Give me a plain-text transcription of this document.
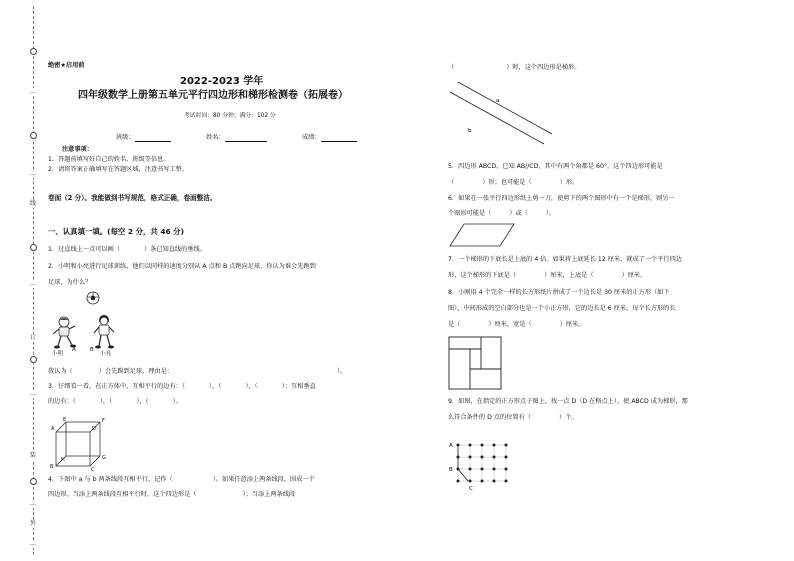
…
…
线
…
订
…
装
…
外
…
绝密★启用前
2022-2023 学年
四年级数学上册第五单元平行四边形和梯形检测卷（拓展卷）
考试时间：80 分钟；满分：102 分
班级：	姓名：	成绩：
注意事项：
1．答题前填写好自己的姓名、班级等信息。
2．请将答案正确填写在答题区域，注意书写工整。
卷面（2 分）。我能做到书写规范，格式正确，卷面整洁。
一、认真填一填。(每空 2 分，共 46 分)
1．过直线上一点可以画（	）条已知直线的垂线。
2．小明和小亮进行足球训练，他们以同样的速度分别从 A 点和 B 点跑向足球，你认为谁会先跑到
足球，为什么？
小明
A	B
小亮
我认为（	）会先踢到足球，理由是：	）。
3．仔细看一看，在正方体中，互相平行的边有：（	），（	），（	）；互相垂直
的边有：（	），（	），（	）。
A
B	C
D
E	F
G
H
4．下图中 a 与 b 两条线段互相平行，记作（	）。如果任意添上两条线段，围成一个
四边形。当添上两条线段互相平行时，这个四边形是（	）；当添上两条线段
（	）时，这个四边形是梯形。
a
b
5．四边形 ABCD，已知 AB//CD，其中有两个角都是 60°，这个四边形可能是
（	）形；也可能是（	）形。
6．如果在一张平行四边形纸上剪一刀，使剪下的两个图形中有一个是梯形，则另一
个图形可能是（	）或（	）。
7．一个梯形的下底长是上底的 4 倍。如果将上底延长 12 厘米，就成了一个平行四边
形，这个梯形的下底是（	）厘米，上底是（	）厘米。
8．小刚用 4 个完全一样的长方形纸片拼成了一个边长是 30 厘米的正方形（如下
图），中间形成的空白部分也是一个小正方形，它的边长是 6 厘米。每个长方形的长
是（	）厘米，宽是（	）厘米。
9．如图，在指定的正方形点子图上，找一点 D（D 在格点上），使 ABCD 成为梯形，那
么符合条件的 D 点的位置有（	）个。
A
B
C
